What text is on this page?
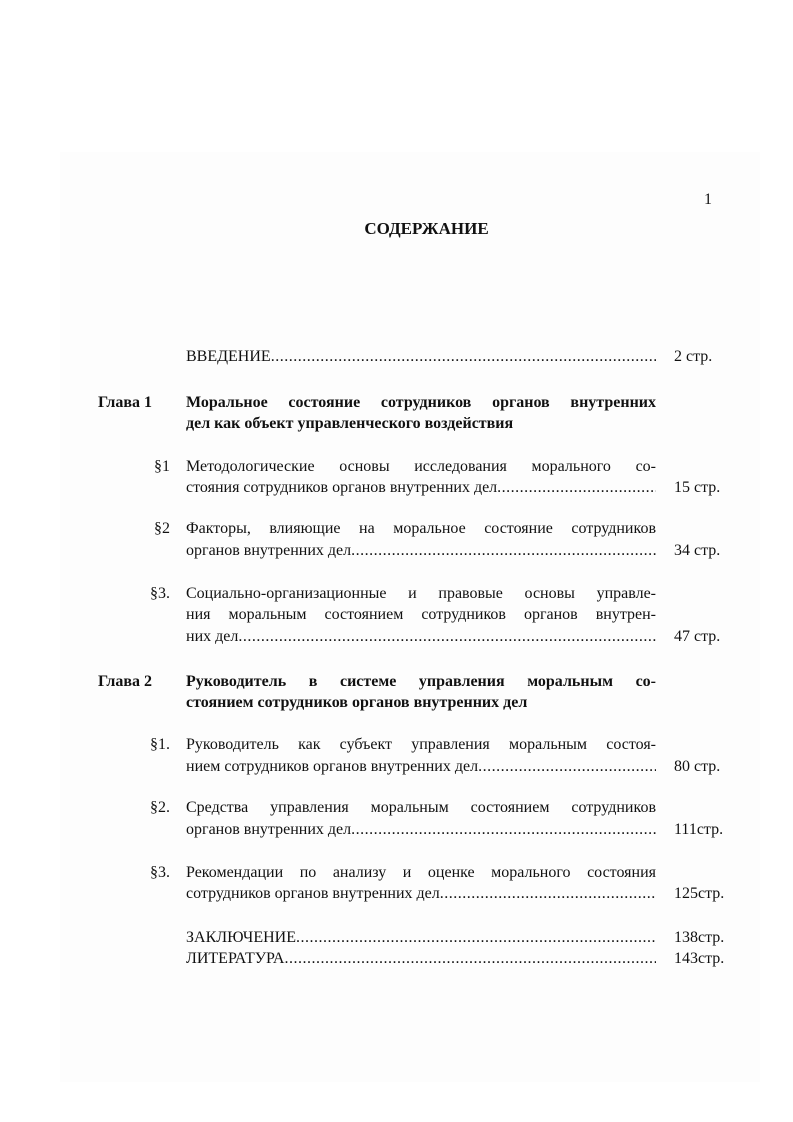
1
СОДЕРЖАНИЕ
ВВЕДЕНИЕ .....	2 стр.
Глава 1 Моральное состояние сотрудников органов внутренних
дел как объект управленческого воздействия
§1 Методологические основы исследования морального со-
стояния сотрудников органов внутренних дел .....	15 стр.
§2 Факторы, влияющие на моральное состояние сотрудников
органов внутренних дел .....	34 стр.
§3. Социально-организационные и правовые основы управле-
ния моральным состоянием сотрудников органов внутрен-
них дел .....	47 стр.
Глава 2 Руководитель в системе управления моральным со-
стоянием сотрудников органов внутренних дел
§1. Руководитель как субъект управления моральным состоя-
нием сотрудников органов внутренних дел .....	80 стр.
§2. Средства управления моральным состоянием сотрудников
органов внутренних дел .....	111стр.
§3. Рекомендации по анализу и оценке морального состояния
сотрудников органов внутренних дел .....	125стр.
ЗАКЛЮЧЕНИЕ .....	138стр.
ЛИТЕРАТУРА .....	143стр.
